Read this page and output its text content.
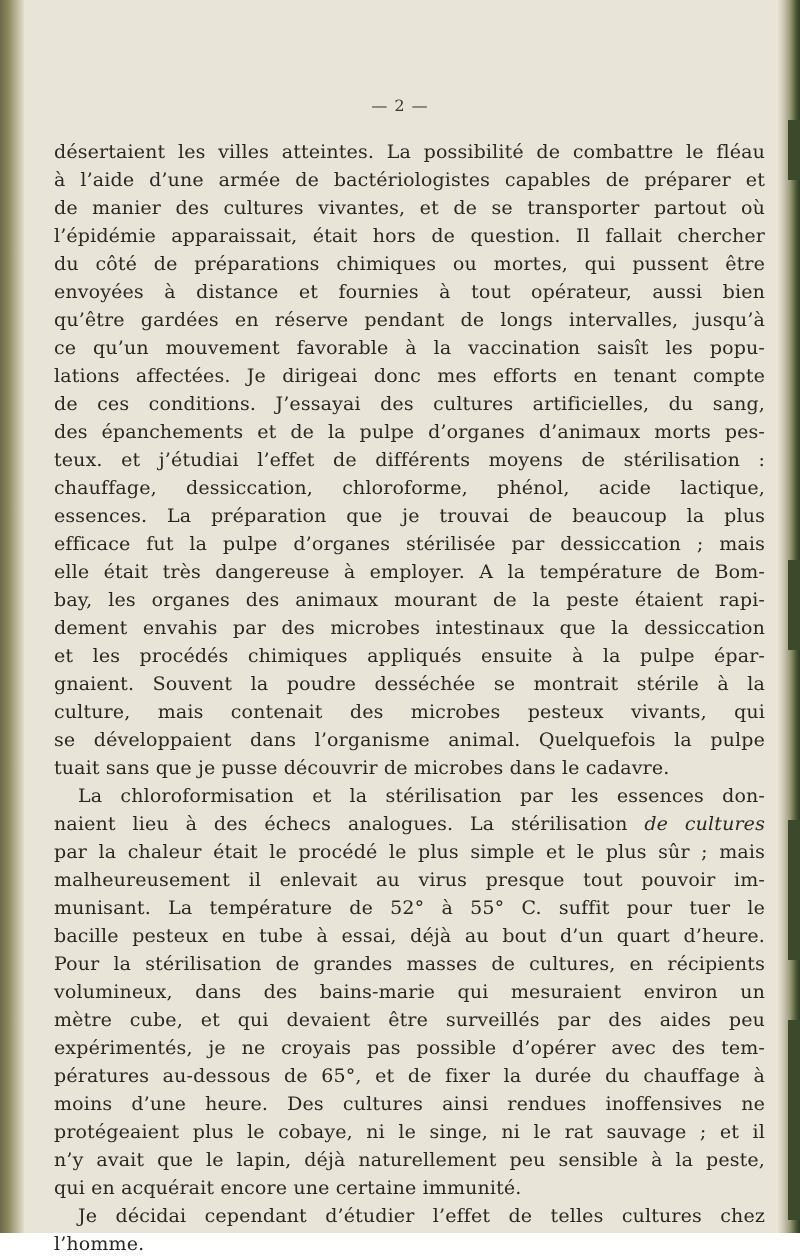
— 2 —
désertaient les villes atteintes. La possibilité de combattre le fléau
à l’aide d’une armée de bactériologistes capables de préparer et
de manier des cultures vivantes, et de se transporter partout où
l’épidémie apparaissait, était hors de question. Il fallait chercher
du côté de préparations chimiques ou mortes, qui pussent être
envoyées à distance et fournies à tout opérateur, aussi bien
qu’être gardées en réserve pendant de longs intervalles, jusqu’à
ce qu’un mouvement favorable à la vaccination saisît les popu-
lations affectées. Je dirigeai donc mes efforts en tenant compte
de ces conditions. J’essayai des cultures artificielles, du sang,
des épanchements et de la pulpe d’organes d’animaux morts pes-
teux. et j’étudiai l’effet de différents moyens de stérilisation :
chauffage, dessiccation, chloroforme, phénol, acide lactique,
essences. La préparation que je trouvai de beaucoup la plus
efficace fut la pulpe d’organes stérilisée par dessiccation ; mais
elle était très dangereuse à employer. A la température de Bom-
bay, les organes des animaux mourant de la peste étaient rapi-
dement envahis par des microbes intestinaux que la dessiccation
et les procédés chimiques appliqués ensuite à la pulpe épar-
gnaient. Souvent la poudre desséchée se montrait stérile à la
culture, mais contenait des microbes pesteux vivants, qui
se développaient dans l’organisme animal. Quelquefois la pulpe
tuait sans que je pusse découvrir de microbes dans le cadavre.
La chloroformisation et la stérilisation par les essences don-
naient lieu à des échecs analogues. La stérilisation de cultures
par la chaleur était le procédé le plus simple et le plus sûr ; mais
malheureusement il enlevait au virus presque tout pouvoir im-
munisant. La température de 52° à 55° C. suffit pour tuer le
bacille pesteux en tube à essai, déjà au bout d’un quart d’heure.
Pour la stérilisation de grandes masses de cultures, en récipients
volumineux, dans des bains-marie qui mesuraient environ un
mètre cube, et qui devaient être surveillés par des aides peu
expérimentés, je ne croyais pas possible d’opérer avec des tem-
pératures au-dessous de 65°, et de fixer la durée du chauffage à
moins d’une heure. Des cultures ainsi rendues inoffensives ne
protégeaient plus le cobaye, ni le singe, ni le rat sauvage ; et il
n’y avait que le lapin, déjà naturellement peu sensible à la peste,
qui en acquérait encore une certaine immunité.
Je décidai cependant d’étudier l’effet de telles cultures chez
l’homme.
